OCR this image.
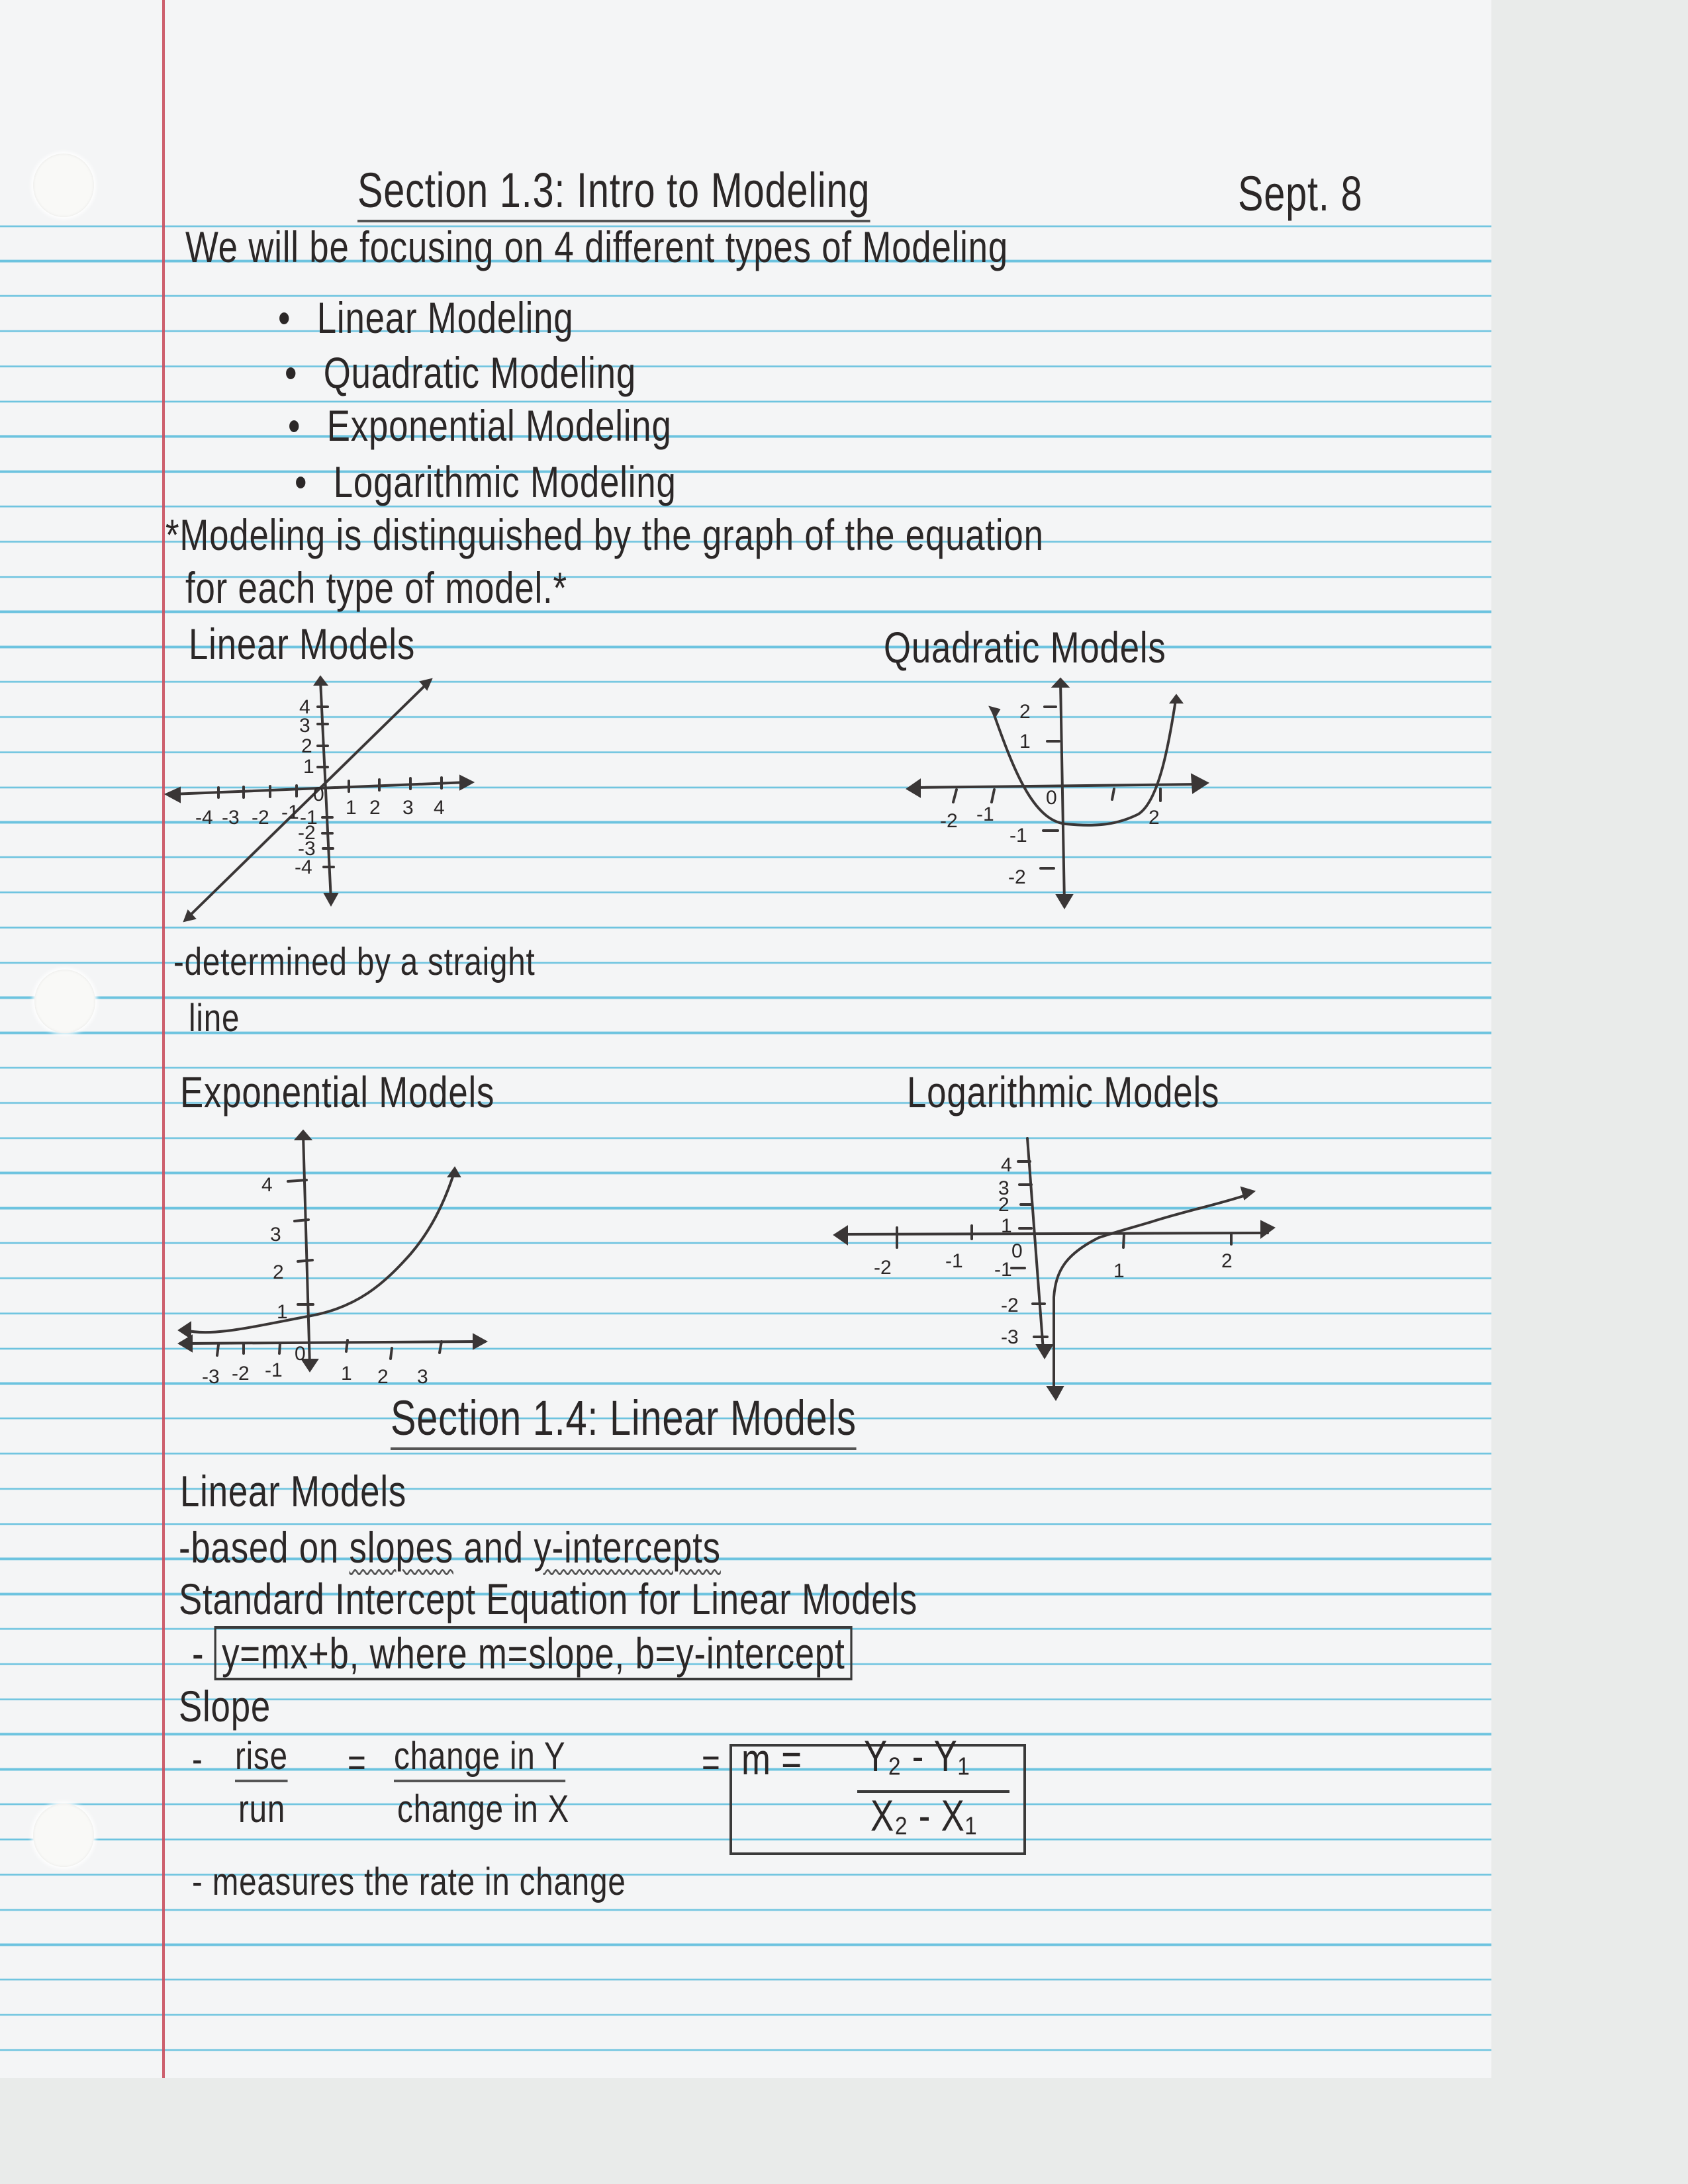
Section 1.3: Intro to Modeling	Sept. 8
We will be focusing on 4 different types of Modeling
• Linear Modeling
• Quadratic Modeling
• Exponential Modeling
• Logarithmic Modeling
*Modeling is distinguished by the graph of the equation
for each type of model.*
Linear Models
-4 -3 -2 -1 1 2 3 4
4
3
2
1
-1
-2
-3
-4
0
-determined by a straight
line
Quadratic Models
-2 -1	2
2
1
-1
-2
0
Exponential Models
-3 -2 -1	1 2 3
4
3
2
1
0
Logarithmic Models
-2	-1	1	2
4
3
2
1
-1
-2
-3
0
Section 1.4: Linear Models
Linear Models
-based on slopes and y-intercepts
Standard Intercept Equation for Linear Models
- y=mx+b, where m=slope, b=y-intercept
Slope
- rise
run
= change in Y
change in X
= m = Y₂ - Y₁
X₂ - X₁
- measures the rate in change
